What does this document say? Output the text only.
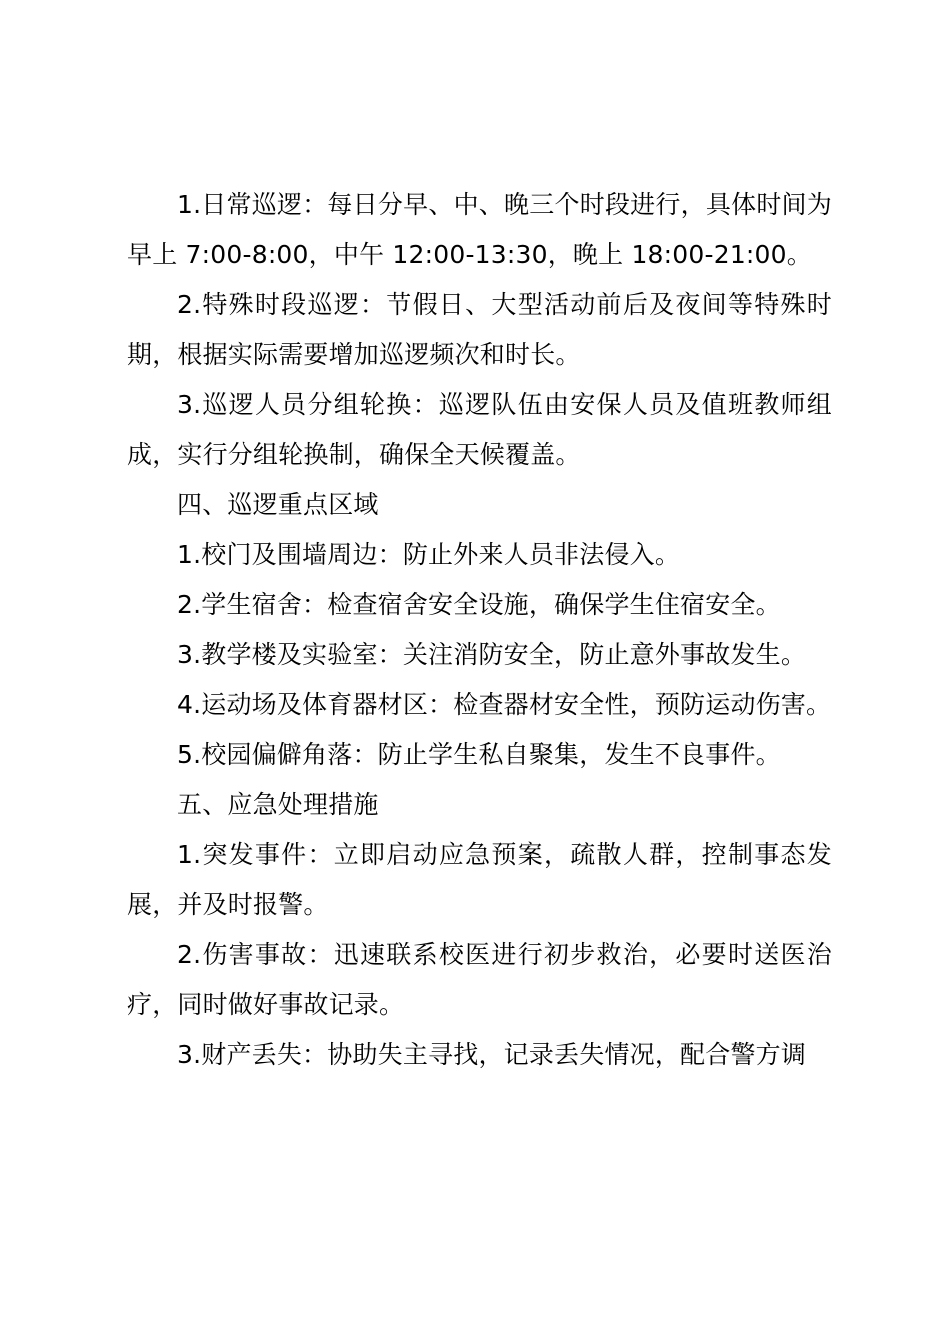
1.日常巡逻：每日分早、中、晚三个时段进行，具体时间为早上 7:00-8:00，中午 12:00-13:30，晚上 18:00-21:00。

2.特殊时段巡逻：节假日、大型活动前后及夜间等特殊时期，根据实际需要增加巡逻频次和时长。

3.巡逻人员分组轮换：巡逻队伍由安保人员及值班教师组成，实行分组轮换制，确保全天候覆盖。

四、巡逻重点区域

1.校门及围墙周边：防止外来人员非法侵入。

2.学生宿舍：检查宿舍安全设施，确保学生住宿安全。

3.教学楼及实验室：关注消防安全，防止意外事故发生。

4.运动场及体育器材区：检查器材安全性，预防运动伤害。

5.校园偏僻角落：防止学生私自聚集，发生不良事件。

五、应急处理措施

1.突发事件：立即启动应急预案，疏散人群，控制事态发展，并及时报警。

2.伤害事故：迅速联系校医进行初步救治，必要时送医治疗，同时做好事故记录。

3.财产丢失：协助失主寻找，记录丢失情况，配合警方调
